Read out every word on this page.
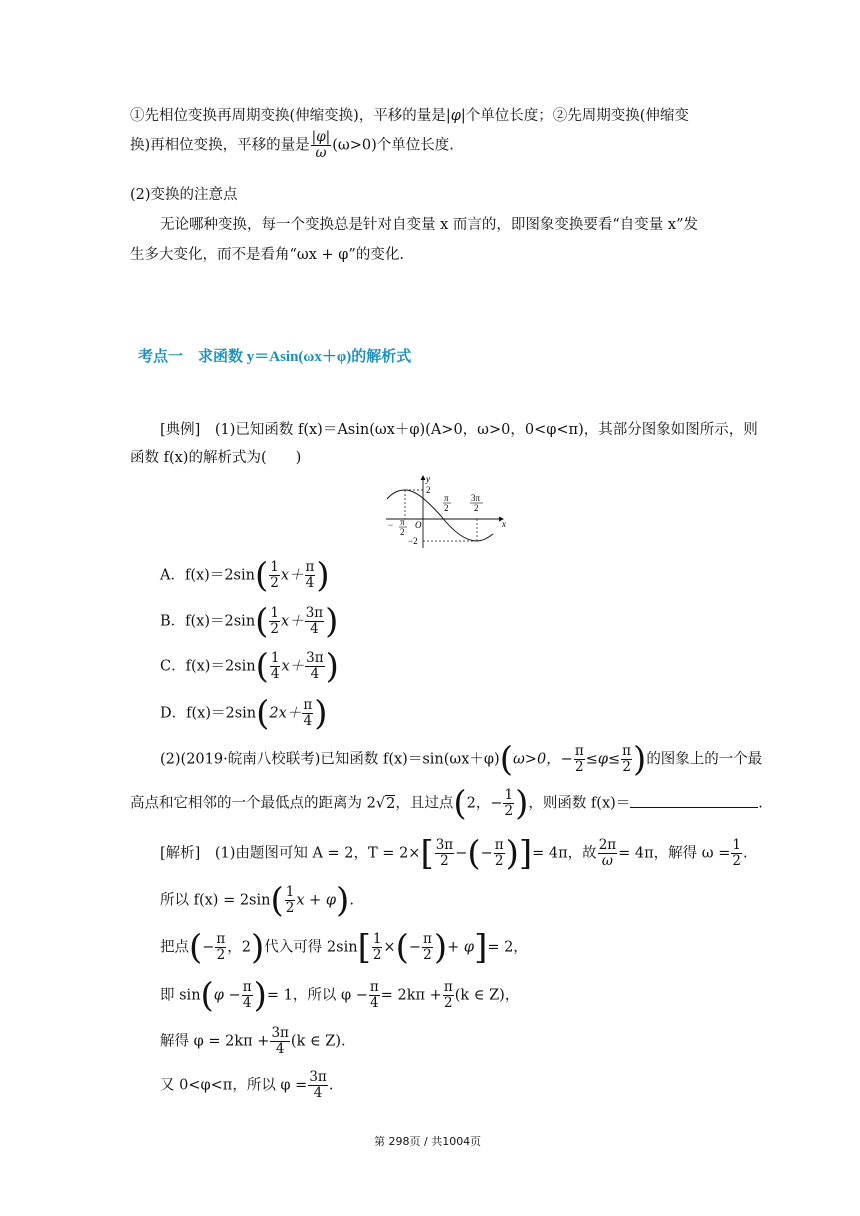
①先相位变换再周期变换(伸缩变换)，平移的量是|φ|个单位长度；②先周期变换(伸缩变
换)再相位变换，平移的量是 $\frac{|\varphi|}{\omega} (\omega>0)$个单位长度.
(2)变换的注意点
无论哪种变换，每一个变换总是针对自变量 x 而言的，即图象变换要看“自变量 x”发
生多大变化，而不是看角“ωx + φ”的变化.
考点一　求函数 y＝Asin(ωx＋φ)的解析式
[典例]　(1)已知函数 f(x)＝Asin(ωx＋φ)(A>0，ω>0，0<φ<π)，其部分图象如图所示，则
函数 f(x)的解析式为(　　)
y
x
O
2
−2
− π
2
π
2
3π
2
A．$f(x)=2\sin( \frac{1}{2} x+ \frac{\pi}{4}$ )
B．$f(x)=2\sin( \frac{1}{2} x+ \frac{3\pi}{4}$ )
C．$f(x)=2\sin( \frac{1}{4} x+ \frac{3\pi}{4}$ )
D．$f(x)=2\sin(2x+ \frac{\pi}{4}$ )
(2)(2019·皖南八校联考)已知函数 f(x)＝sin(ωx＋φ)(ω>0，− $\frac{\pi}{2} \le\varphi\le \frac{\pi}{2}$ )的图象上的一个最
高点和它相邻的一个最低点的距离为 2√2，且过点(2，− $\frac{1}{2}$ )，则函数 f(x)＝	.
[解析]　(1)由题图可知 A = 2，$T = 2\times[ \frac{3\pi}{2}$ −(− $\frac{\pi}{2}$ )]= 4π，故 $\frac{2\pi}{\omega} = 4\pi$，解得 $\omega = \frac{1}{2}$ .
所以 $f(x) = 2\sin( \frac{1}{2}$ x + φ).
把点(− $\frac{\pi}{2}$ ，2)代入可得 $2\sin[ \frac{1}{2}$ ×(− $\frac{\pi}{2}$ )+ φ]= 2，
即 $\sin(\varphi - \frac{\pi}{4}$ )= 1，所以 $\varphi - \frac{\pi}{4} = 2k\pi + \frac{\pi}{2} (k$ ∈ Z)，
解得 $\varphi = 2k\pi + \frac{3\pi}{4} (k$ ∈ Z).
又 0<φ<π，所以 $\varphi = \frac{3\pi}{4}$ .
第 298页 / 共1004页
